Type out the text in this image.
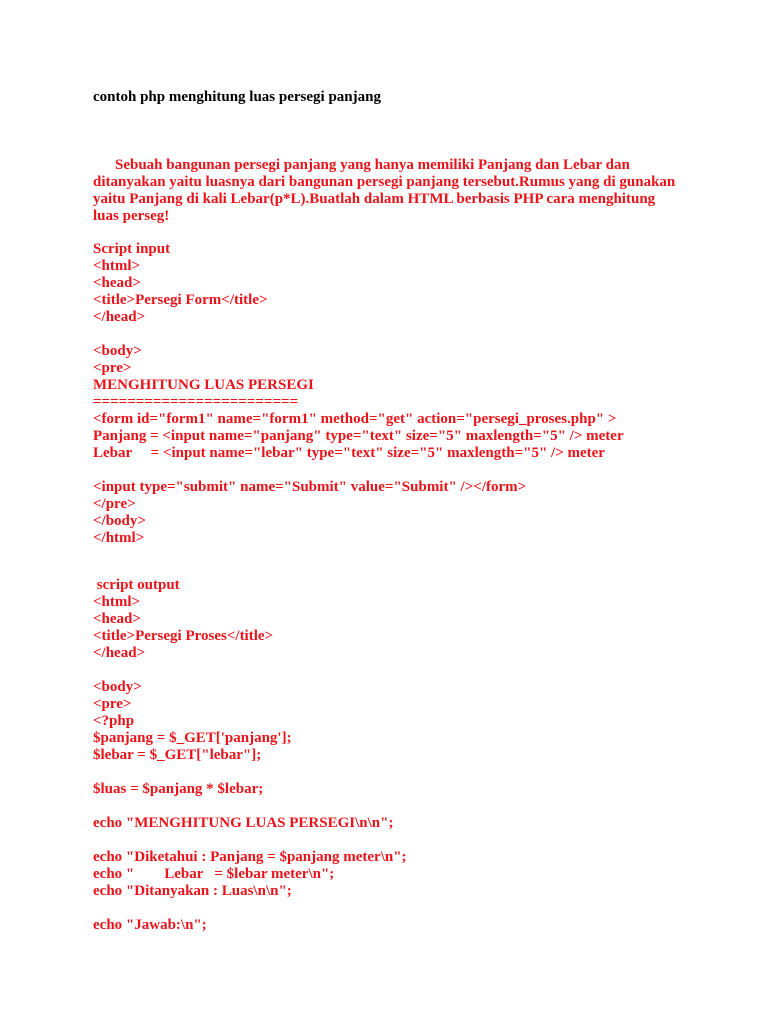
contoh php menghitung luas persegi panjang
Sebuah bangunan persegi panjang yang hanya memiliki Panjang dan Lebar dan ditanyakan yaitu luasnya dari bangunan persegi panjang tersebut.Rumus yang di gunakan yaitu Panjang di kali Lebar(p*L).Buatlah dalam HTML berbasis PHP cara menghitung luas perseg!
Script input
<html>
<head>
<title>Persegi Form</title>
</head>
<body>
<pre>
MENGHITUNG LUAS PERSEGI
========================
<form id="form1" name="form1" method="get" action="persegi_proses.php" >
Panjang = <input name="panjang" type="text" size="5" maxlength="5" /> meter
Lebar     = <input name="lebar" type="text" size="5" maxlength="5" /> meter
<input type="submit" name="Submit" value="Submit" /></form>
</pre>
</body>
</html>
script output
<html>
<head>
<title>Persegi Proses</title>
</head>
<body>
<pre>
<?php
$panjang = $_GET['panjang'];
$lebar = $_GET["lebar"];
$luas = $panjang * $lebar;
echo "MENGHITUNG LUAS PERSEGI\n\n";
echo "Diketahui : Panjang = $panjang meter\n";
echo "        Lebar   = $lebar meter\n";
echo "Ditanyakan : Luas\n\n";
echo "Jawab:\n";
